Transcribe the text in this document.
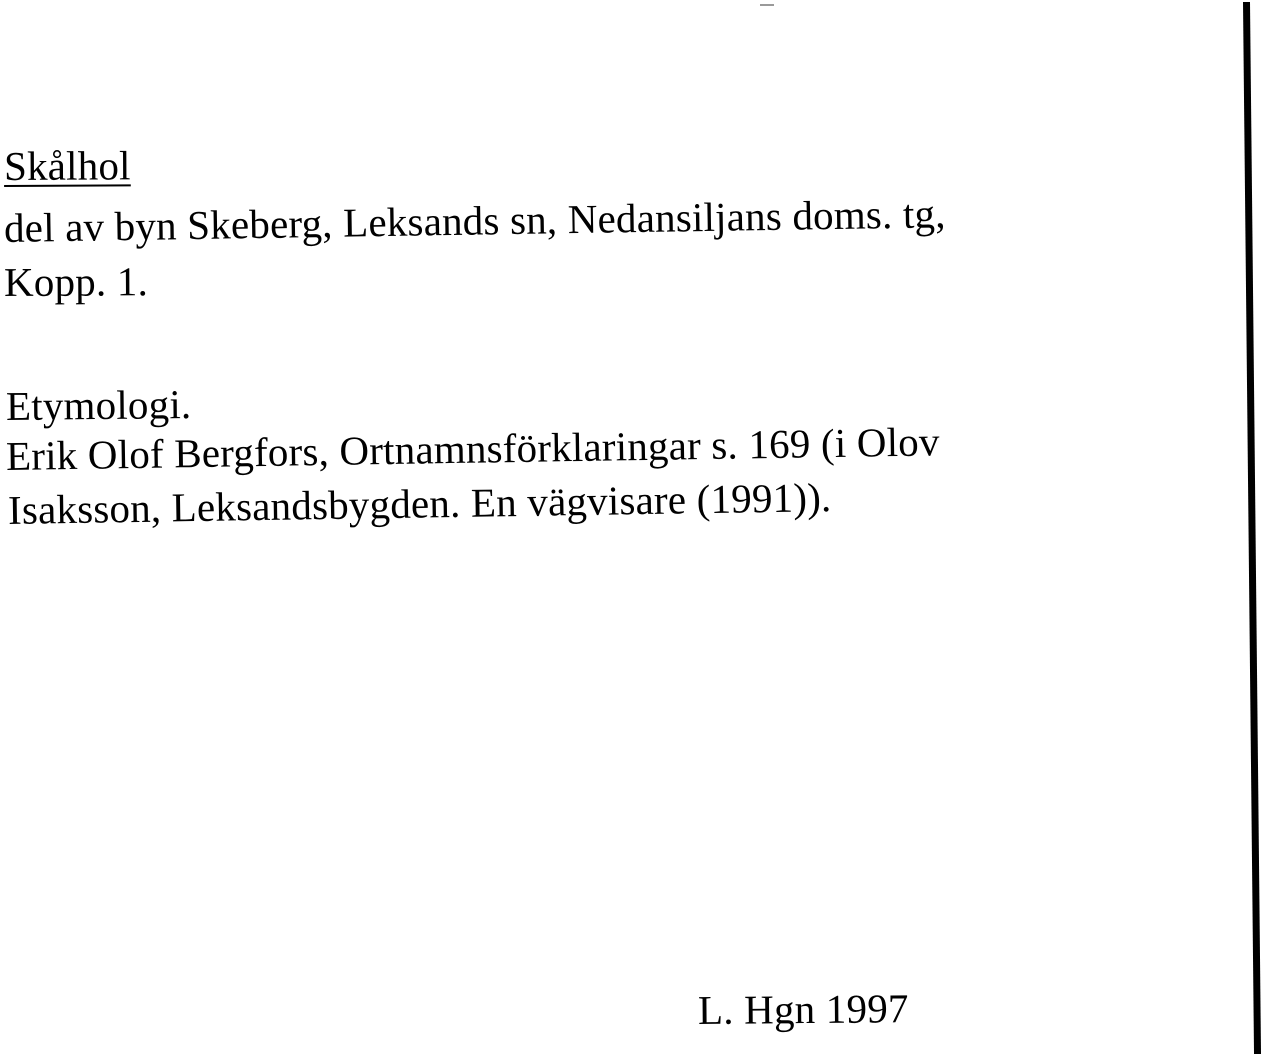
Skålhol
del av byn Skeberg, Leksands sn, Nedansiljans doms. tg,
Kopp. 1.
Etymologi.
Erik Olof Bergfors, Ortnamnsförklaringar s. 169 (i Olov
Isaksson, Leksandsbygden. En vägvisare (1991)).
L. Hgn 1997
